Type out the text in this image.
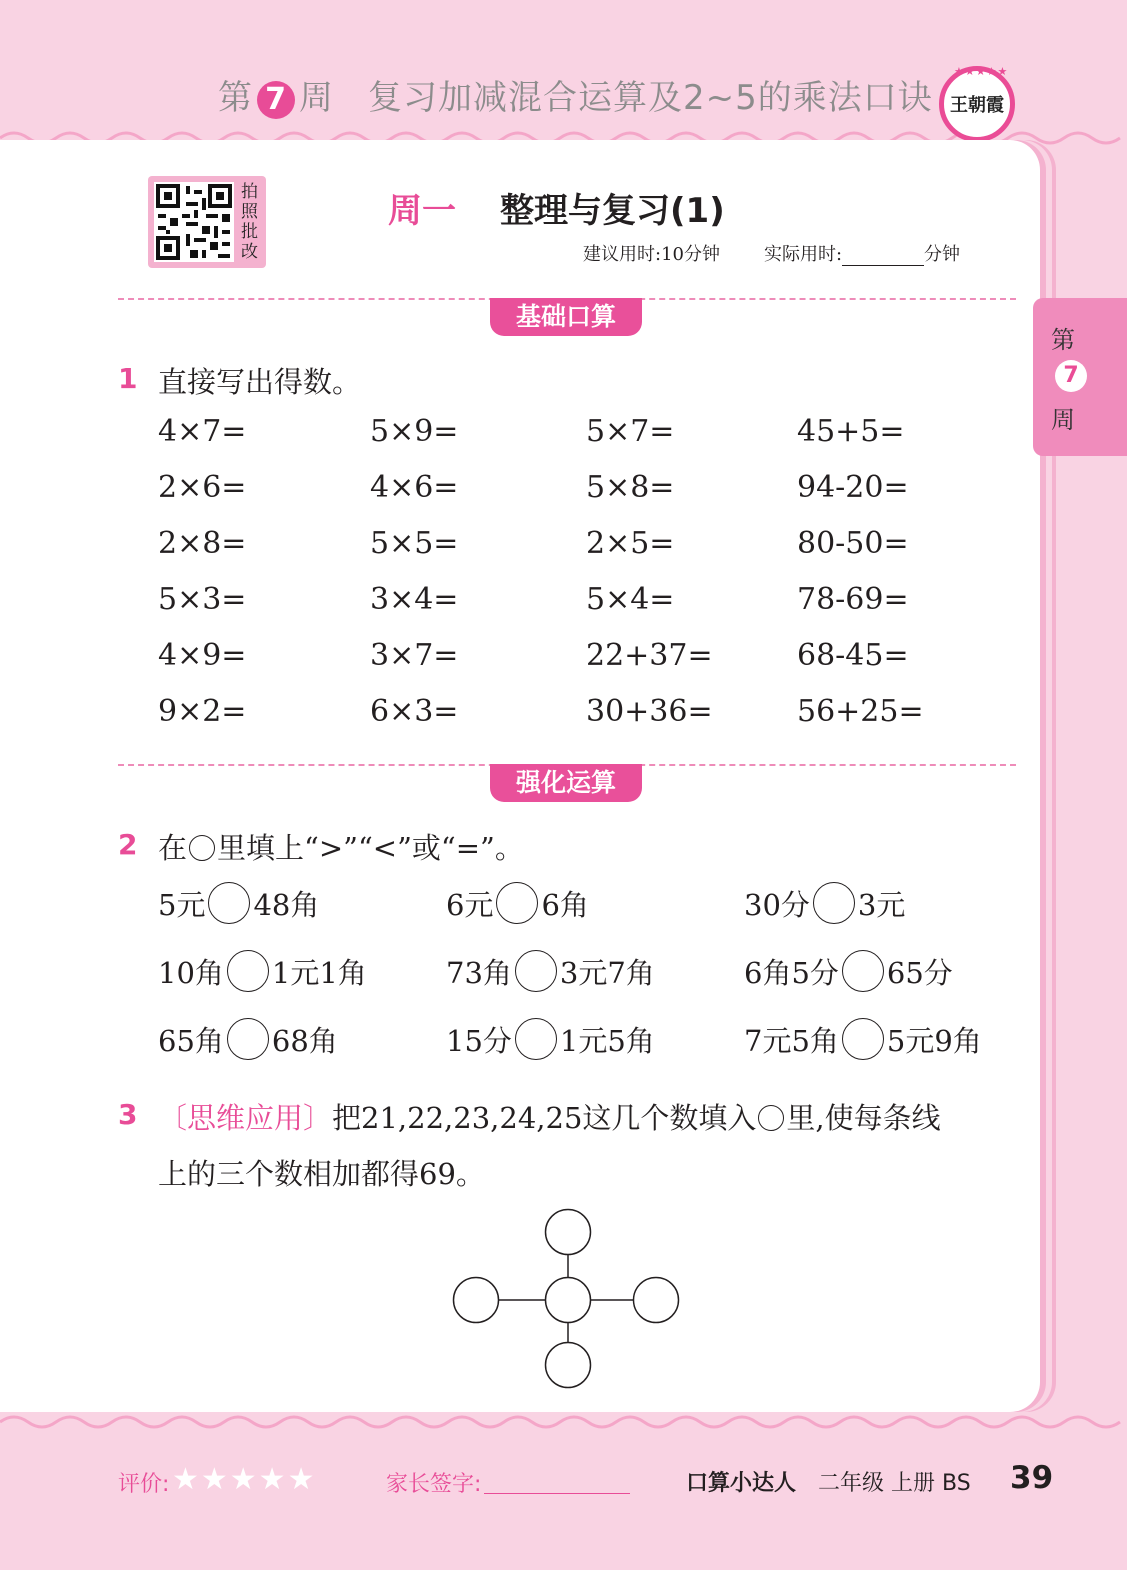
第 7 周 复习加减混合运算及2~5的乘法口诀
★★★★★
王朝霞
第
7
周
拍照批改
周一 整理与复习(1)
建议用时:10分钟 实际用时:	分钟
基础口算
1 直接写出得数。
4×7=	5×9=	5×7=	45+5=
2×6=	4×6=	5×8=	94-20=
2×8=	5×5=	2×5=	80-50=
5×3=	3×4=	5×4=	78-69=
4×9=	3×7=	22+37=	68-45=
9×2=	6×3=	30+36=	56+25=
强化运算
2 在 里填上“>”“<”或“=”。
5元 48角	6元 6角	30分 3元
10角 1元1角	73角 3元7角	6角5分 65分
65角 68角	15分 1元5角	7元5角 5元9角
3 〔思维应用〕把21,22,23,24,25这几个数填入 里,使每条线
上的三个数相加都得69。
评价: ★★★★★	家长签字:	口算小达人 二年级 上册 BS 39
